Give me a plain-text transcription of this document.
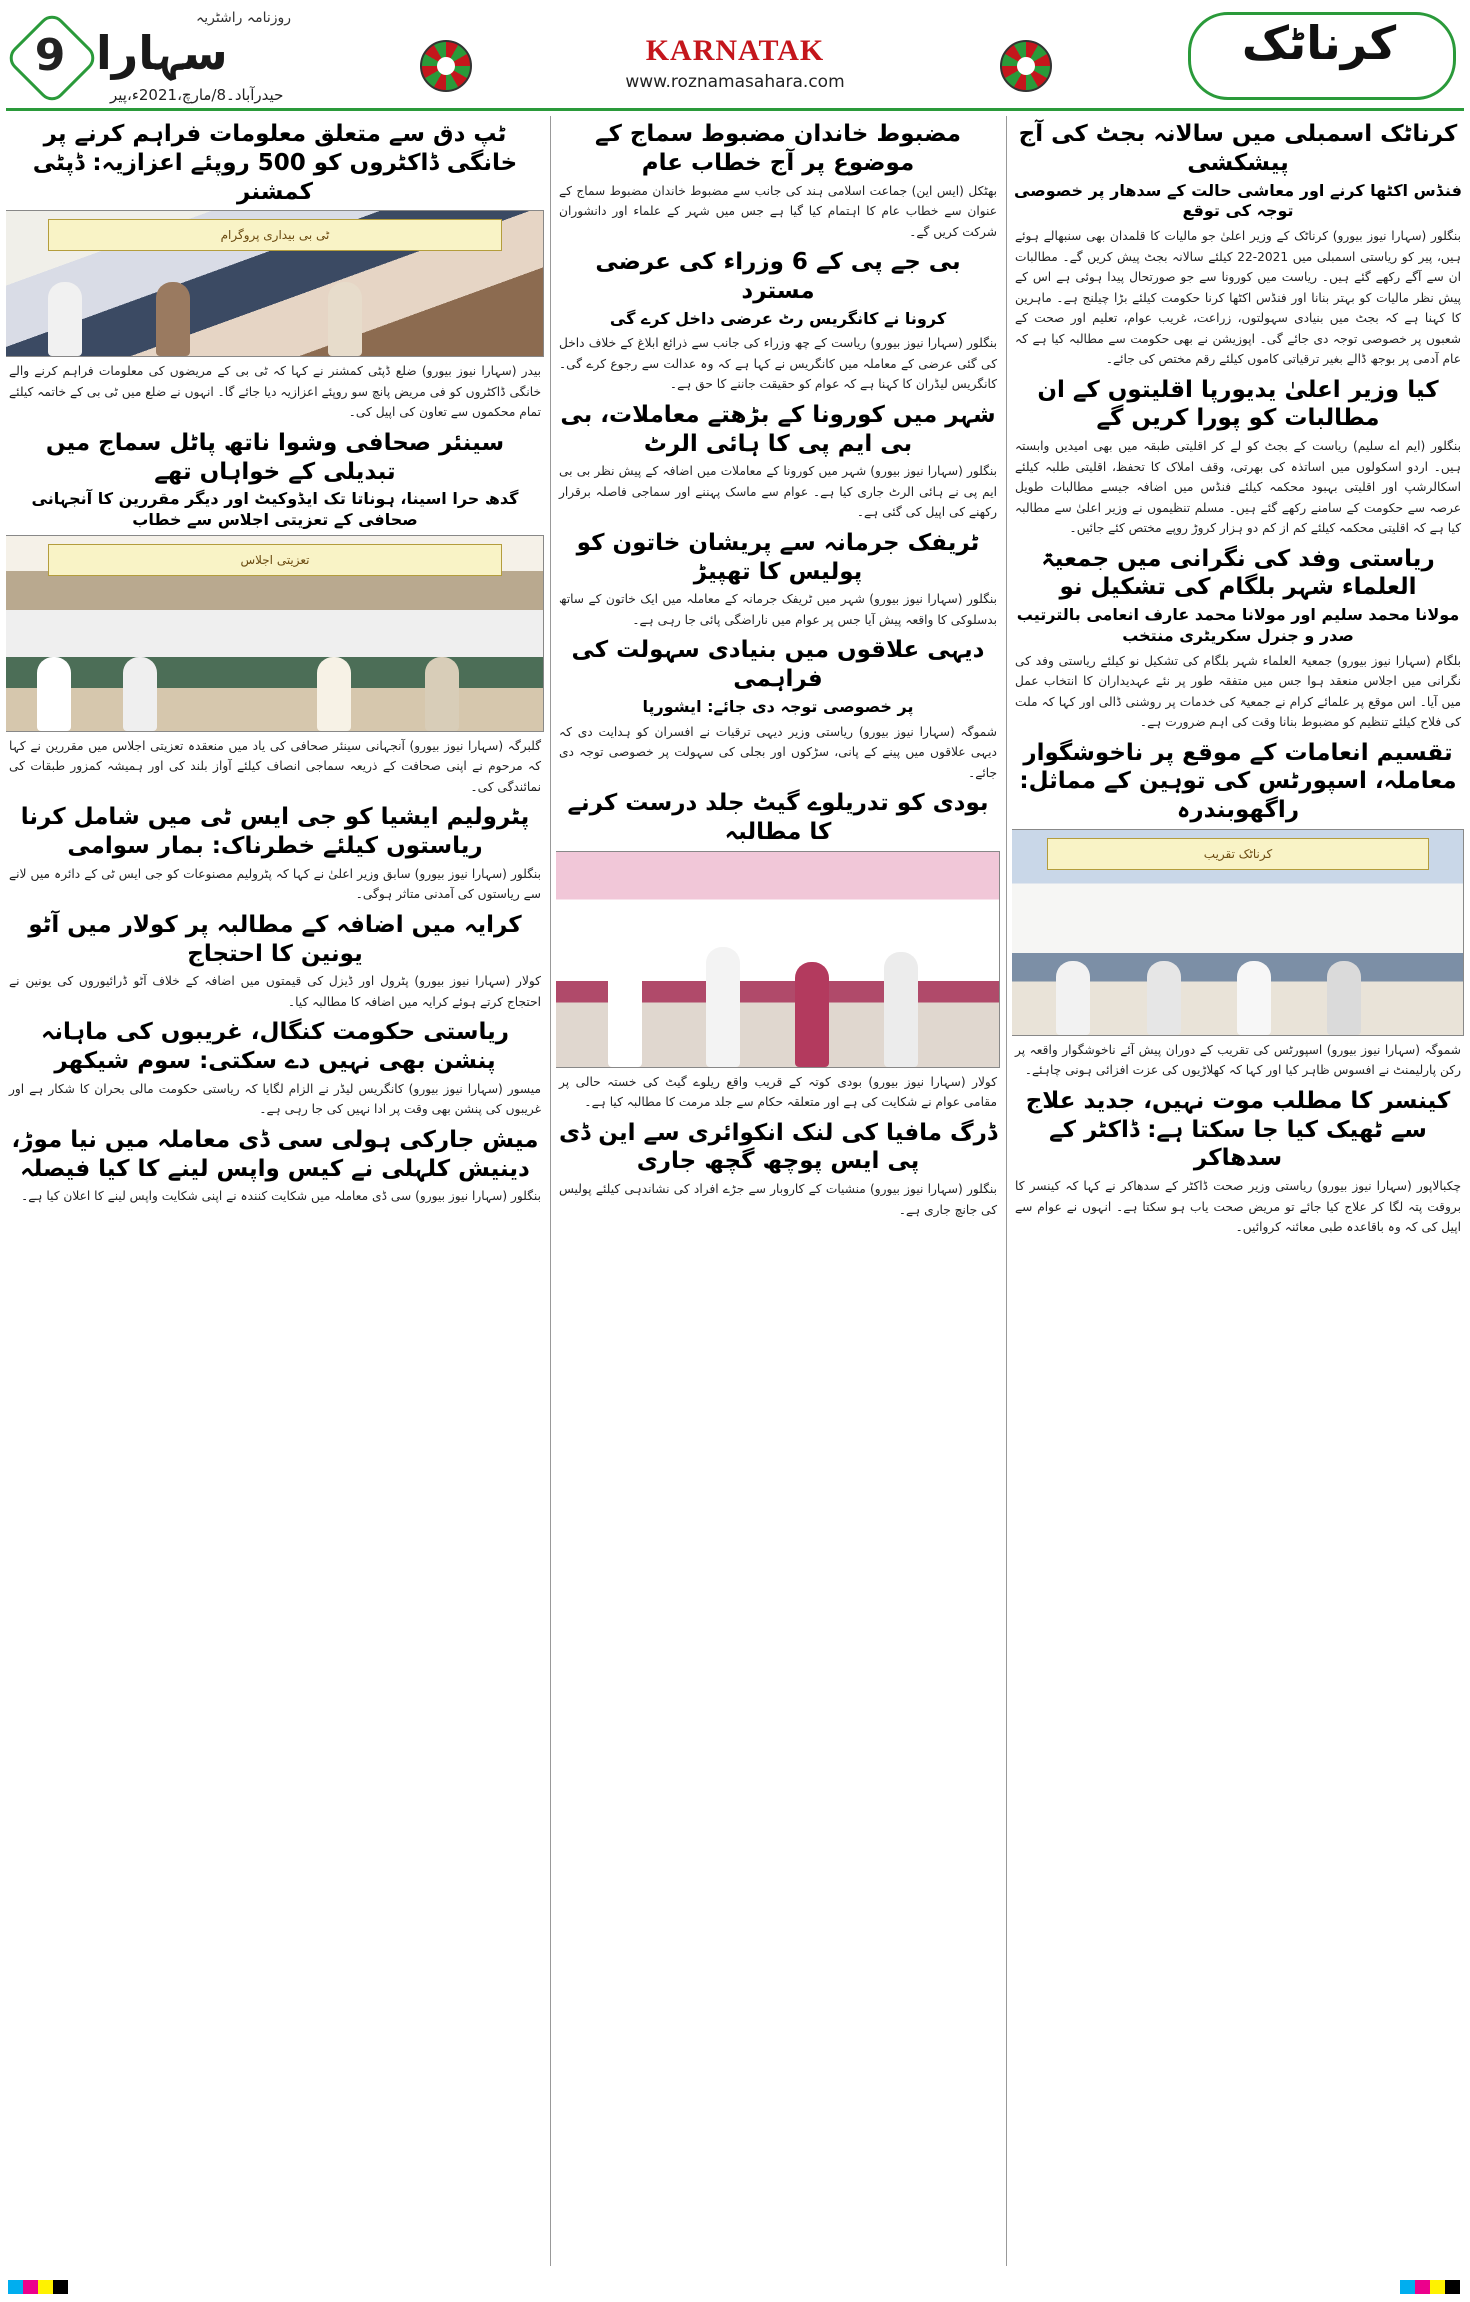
9
روزنامہ راشٹریہ
سہارا
حیدرآباد۔8/مارچ،2021ء،پیر
KARNATAK
www.roznamasahara.com
کرناٹک
کرناٹک اسمبلی میں سالانہ بجٹ کی آج پیشکشی
فنڈس اکٹھا کرنے اور معاشی حالت کے سدھار پر خصوصی توجہ کی توقع
بنگلور (سہارا نیوز بیورو) کرناٹک کے وزیر اعلیٰ جو مالیات کا قلمدان بھی سنبھالے ہوئے ہیں، پیر کو ریاستی اسمبلی میں 2021-22 کیلئے سالانہ بجٹ پیش کریں گے۔ مطالبات ان سے آگے رکھے گئے ہیں۔ ریاست میں کورونا سے جو صورتحال پیدا ہوئی ہے اس کے پیش نظر مالیات کو بہتر بنانا اور فنڈس اکٹھا کرنا حکومت کیلئے بڑا چیلنج ہے۔ ماہرین کا کہنا ہے کہ بجٹ میں بنیادی سہولتوں، زراعت، غریب عوام، تعلیم اور صحت کے شعبوں پر خصوصی توجہ دی جائے گی۔ اپوزیشن نے بھی حکومت سے مطالبہ کیا ہے کہ عام آدمی پر بوجھ ڈالے بغیر ترقیاتی کاموں کیلئے رقم مختص کی جائے۔
کیا وزیر اعلیٰ یدیورپا اقلیتوں کے ان مطالبات کو پورا کریں گے
بنگلور (ایم اے سلیم) ریاست کے بجٹ کو لے کر اقلیتی طبقہ میں بھی امیدیں وابستہ ہیں۔ اردو اسکولوں میں اساتذہ کی بھرتی، وقف املاک کا تحفظ، اقلیتی طلبہ کیلئے اسکالرشپ اور اقلیتی بہبود محکمہ کیلئے فنڈس میں اضافہ جیسے مطالبات طویل عرصہ سے حکومت کے سامنے رکھے گئے ہیں۔ مسلم تنظیموں نے وزیر اعلیٰ سے مطالبہ کیا ہے کہ اقلیتی محکمہ کیلئے کم از کم دو ہزار کروڑ روپے مختص کئے جائیں۔
ریاستی وفد کی نگرانی میں جمعیۃ العلماء شہر بلگام کی تشکیل نو
مولانا محمد سلیم اور مولانا محمد عارف انعامی بالترتیب صدر و جنرل سکریٹری منتخب
بلگام (سہارا نیوز بیورو) جمعیۃ العلماء شہر بلگام کی تشکیل نو کیلئے ریاستی وفد کی نگرانی میں اجلاس منعقد ہوا جس میں متفقہ طور پر نئے عہدیداران کا انتخاب عمل میں آیا۔ اس موقع پر علمائے کرام نے جمعیۃ کی خدمات پر روشنی ڈالی اور کہا کہ ملت کی فلاح کیلئے تنظیم کو مضبوط بنانا وقت کی اہم ضرورت ہے۔
تقسیم انعامات کے موقع پر ناخوشگوار معاملہ، اسپورٹس کی توہین کے مماثل: راگھوبندرہ
کرناٹک تقریب
شموگہ (سہارا نیوز بیورو) اسپورٹس کی تقریب کے دوران پیش آئے ناخوشگوار واقعہ پر رکن پارلیمنٹ نے افسوس ظاہر کیا اور کہا کہ کھلاڑیوں کی عزت افزائی ہونی چاہئے۔
کینسر کا مطلب موت نہیں، جدید علاج سے ٹھیک کیا جا سکتا ہے: ڈاکٹر کے سدھاکر
چکبالاپور (سہارا نیوز بیورو) ریاستی وزیر صحت ڈاکٹر کے سدھاکر نے کہا کہ کینسر کا بروقت پتہ لگا کر علاج کیا جائے تو مریض صحت یاب ہو سکتا ہے۔ انہوں نے عوام سے اپیل کی کہ وہ باقاعدہ طبی معائنہ کروائیں۔
مضبوط خاندان مضبوط سماج کے موضوع پر آج خطاب عام
بھٹکل (ایس این) جماعت اسلامی ہند کی جانب سے مضبوط خاندان مضبوط سماج کے عنوان سے خطاب عام کا اہتمام کیا گیا ہے جس میں شہر کے علماء اور دانشوران شرکت کریں گے۔
بی جے پی کے 6 وزراء کی عرضی مسترد
کرونا نے کانگریس رٹ عرضی داخل کرے گی
بنگلور (سہارا نیوز بیورو) ریاست کے چھ وزراء کی جانب سے ذرائع ابلاغ کے خلاف داخل کی گئی عرضی کے معاملہ میں کانگریس نے کہا ہے کہ وہ عدالت سے رجوع کرے گی۔ کانگریس لیڈران کا کہنا ہے کہ عوام کو حقیقت جاننے کا حق ہے۔
شہر میں کورونا کے بڑھتے معاملات، بی بی ایم پی کا ہائی الرٹ
بنگلور (سہارا نیوز بیورو) شہر میں کورونا کے معاملات میں اضافہ کے پیش نظر بی بی ایم پی نے ہائی الرٹ جاری کیا ہے۔ عوام سے ماسک پہننے اور سماجی فاصلہ برقرار رکھنے کی اپیل کی گئی ہے۔
ٹریفک جرمانہ سے پریشان خاتون کو پولیس کا تھپیڑ
بنگلور (سہارا نیوز بیورو) شہر میں ٹریفک جرمانہ کے معاملہ میں ایک خاتون کے ساتھ بدسلوکی کا واقعہ پیش آیا جس پر عوام میں ناراضگی پائی جا رہی ہے۔
دیہی علاقوں میں بنیادی سہولت کی فراہمی
پر خصوصی توجہ دی جائے: ایشورپا
شموگہ (سہارا نیوز بیورو) ریاستی وزیر دیہی ترقیات نے افسران کو ہدایت دی کہ دیہی علاقوں میں پینے کے پانی، سڑکوں اور بجلی کی سہولت پر خصوصی توجہ دی جائے۔
بودی کو تدریلوے گیٹ جلد درست کرنے کا مطالبہ
کولار (سہارا نیوز بیورو) بودی کوتہ کے قریب واقع ریلوے گیٹ کی خستہ حالی پر مقامی عوام نے شکایت کی ہے اور متعلقہ حکام سے جلد مرمت کا مطالبہ کیا ہے۔
ڈرگ مافیا کی لنک انکوائری سے این ڈی پی ایس پوچھ گچھ جاری
بنگلور (سہارا نیوز بیورو) منشیات کے کاروبار سے جڑے افراد کی نشاندہی کیلئے پولیس کی جانچ جاری ہے۔
ٹپ دق سے متعلق معلومات فراہم کرنے پر خانگی ڈاکٹروں کو 500 روپئے اعزازیہ: ڈپٹی کمشنر
ٹی بی بیداری پروگرام
بیدر (سہارا نیوز بیورو) ضلع ڈپٹی کمشنر نے کہا کہ ٹی بی کے مریضوں کی معلومات فراہم کرنے والے خانگی ڈاکٹروں کو فی مریض پانچ سو روپئے اعزازیہ دیا جائے گا۔ انہوں نے ضلع میں ٹی بی کے خاتمہ کیلئے تمام محکموں سے تعاون کی اپیل کی۔
سینئر صحافی وشوا ناتھ پاٹل سماج میں تبدیلی کے خواہاں تھے
گدھ حرا اسینا، ہوناتا تک ایڈوکیٹ اور دیگر مقررین کا آنجہانی صحافی کے تعزیتی اجلاس سے خطاب
تعزیتی اجلاس
گلبرگہ (سہارا نیوز بیورو) آنجہانی سینئر صحافی کی یاد میں منعقدہ تعزیتی اجلاس میں مقررین نے کہا کہ مرحوم نے اپنی صحافت کے ذریعہ سماجی انصاف کیلئے آواز بلند کی اور ہمیشہ کمزور طبقات کی نمائندگی کی۔
پٹرولیم ایشیا کو جی ایس ٹی میں شامل کرنا ریاستوں کیلئے خطرناک: بمار سوامی
بنگلور (سہارا نیوز بیورو) سابق وزیر اعلیٰ نے کہا کہ پٹرولیم مصنوعات کو جی ایس ٹی کے دائرہ میں لانے سے ریاستوں کی آمدنی متاثر ہوگی۔
کرایہ میں اضافہ کے مطالبہ پر کولار میں آٹو یونین کا احتجاج
کولار (سہارا نیوز بیورو) پٹرول اور ڈیزل کی قیمتوں میں اضافہ کے خلاف آٹو ڈرائیوروں کی یونین نے احتجاج کرتے ہوئے کرایہ میں اضافہ کا مطالبہ کیا۔
ریاستی حکومت کنگال، غریبوں کی ماہانہ پنشن بھی نہیں دے سکتی: سوم شیکھر
میسور (سہارا نیوز بیورو) کانگریس لیڈر نے الزام لگایا کہ ریاستی حکومت مالی بحران کا شکار ہے اور غریبوں کی پنشن بھی وقت پر ادا نہیں کی جا رہی ہے۔
میش جارکی ہولی سی ڈی معاملہ میں نیا موڑ، دینیش کلہلی نے کیس واپس لینے کا کیا فیصلہ
بنگلور (سہارا نیوز بیورو) سی ڈی معاملہ میں شکایت کنندہ نے اپنی شکایت واپس لینے کا اعلان کیا ہے۔
